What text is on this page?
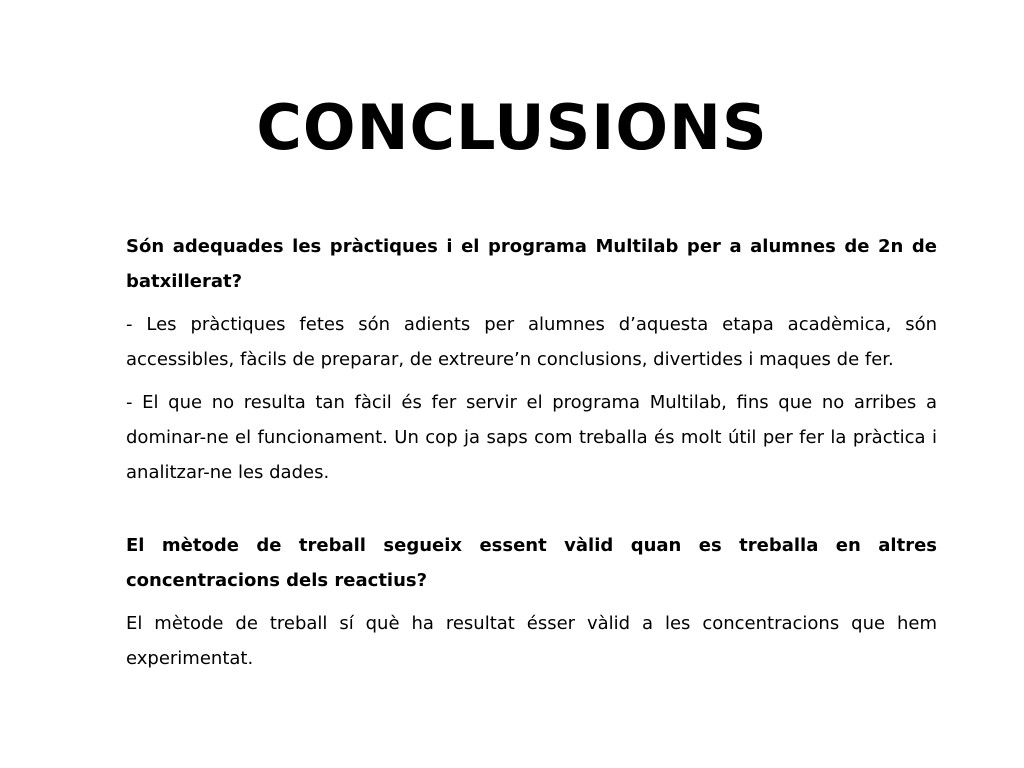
CONCLUSIONS

Són adequades les pràctiques i el programa Multilab per a alumnes de 2n de batxillerat?

- Les pràctiques fetes són adients per alumnes d’aquesta etapa acadèmica, són accessibles, fàcils de preparar, de extreure’n conclusions, divertides i maques de fer.

- El que no resulta tan fàcil és fer servir el programa Multilab, fins que no arribes a dominar-ne el funcionament. Un cop ja saps com treballa és molt útil per fer la pràctica i analitzar-ne les dades.

El mètode de treball segueix essent vàlid quan es treballa en altres concentracions dels reactius?

El mètode de treball sí què ha resultat ésser vàlid a les concentracions que hem experimentat.
